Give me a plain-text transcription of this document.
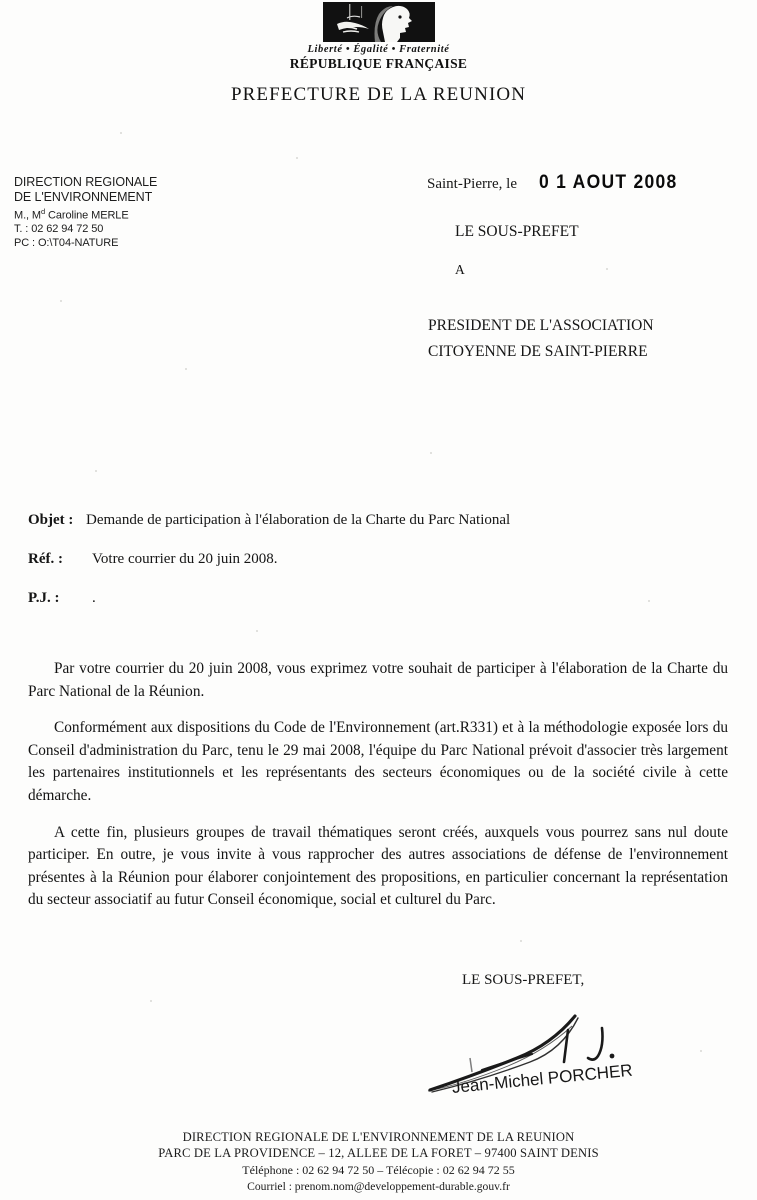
Liberté • Égalité • Fraternité
RÉPUBLIQUE FRANÇAISE
PREFECTURE DE LA REUNION
DIRECTION REGIONALE
DE L'ENVIRONNEMENT
M., $M^d$ Caroline MERLE
T. : 02 62 94 72 50
PC : O:\T04-NATURE
Saint-Pierre, le 0 1 AOUT 2008
LE SOUS-PREFET
A
PRESIDENT DE L'ASSOCIATION
CITOYENNE DE SAINT-PIERRE
Objet : Demande de participation à l'élaboration de la Charte du Parc National
Réf. : Votre courrier du 20 juin 2008.
P.J. : .

Par votre courrier du 20 juin 2008, vous exprimez votre souhait de participer à l'élaboration de la Charte du Parc National de la Réunion.

Conformément aux dispositions du Code de l'Environnement (art.R331) et à la méthodologie exposée lors du Conseil d'administration du Parc, tenu le 29 mai 2008, l'équipe du Parc National prévoit d'associer très largement les partenaires institutionnels et les représentants des secteurs économiques ou de la société civile à cette démarche.

A cette fin, plusieurs groupes de travail thématiques seront créés, auxquels vous pourrez sans nul doute participer. En outre, je vous invite à vous rapprocher des autres associations de défense de l'environnement présentes à la Réunion pour élaborer conjointement des propositions, en particulier concernant la représentation du secteur associatif au futur Conseil économique, social et culturel du Parc.

LE SOUS-PREFET,
Jean-Michel PORCHER
DIRECTION REGIONALE DE L'ENVIRONNEMENT DE LA REUNION
PARC DE LA PROVIDENCE – 12, ALLEE DE LA FORET – 97400 SAINT DENIS
Téléphone : 02 62 94 72 50 – Télécopie : 02 62 94 72 55
Courriel : prenom.nom@developpement-durable.gouv.fr
